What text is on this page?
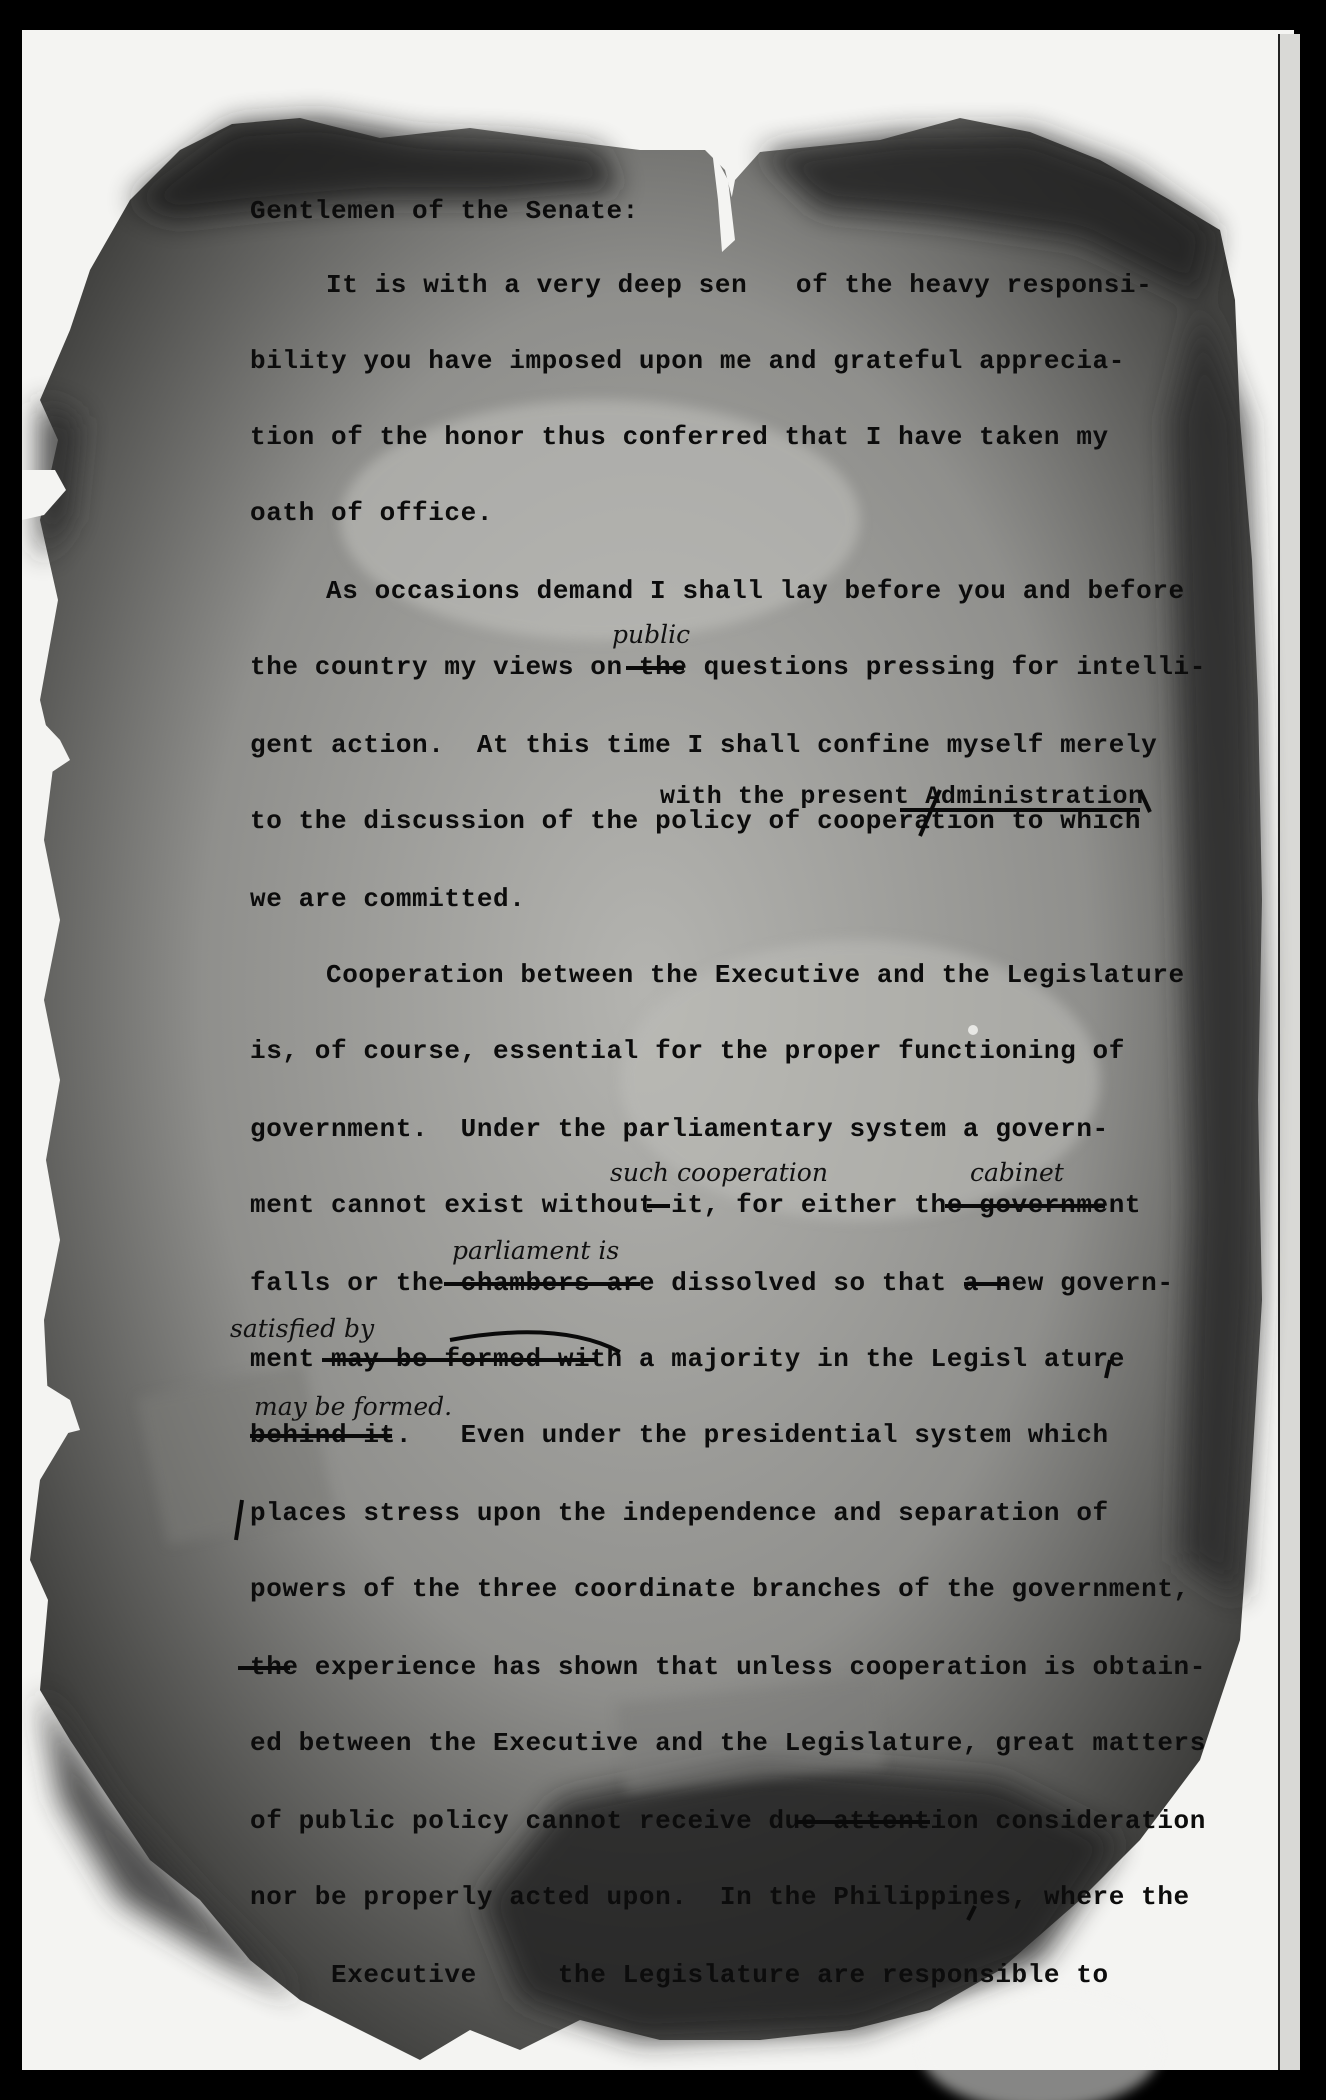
Gentlemen of the Senate:
It is with a very deep sen   of the heavy responsi-
bility you have imposed upon me and grateful apprecia-
tion of the honor thus conferred that I have taken my
oath of office.
As occasions demand I shall lay before you and before
the country my views on the questions pressing for intelli-
public
gent action.  At this time I shall confine myself merely
with the present Administration
to the discussion of the policy of cooperation to which
we are committed.
Cooperation between the Executive and the Legislature
is, of course, essential for the proper functioning of
government.  Under the parliamentary system a govern-
such cooperation	cabinet
ment cannot exist without it, for either the government
parliament is
falls or the chambers are dissolved so that a new govern-
satisfied by
ment may be formed with a majority in the Legisl ature
may be formed.
behind it.   Even under the presidential system which
places stress upon the independence and separation of
powers of the three coordinate branches of the government,
the experience has shown that unless cooperation is obtain-
ed between the Executive and the Legislature, great matters
of public policy cannot receive due attention consideration
nor be properly acted upon.  In the Philippines, where the
Executive     the Legislature are responsible to
